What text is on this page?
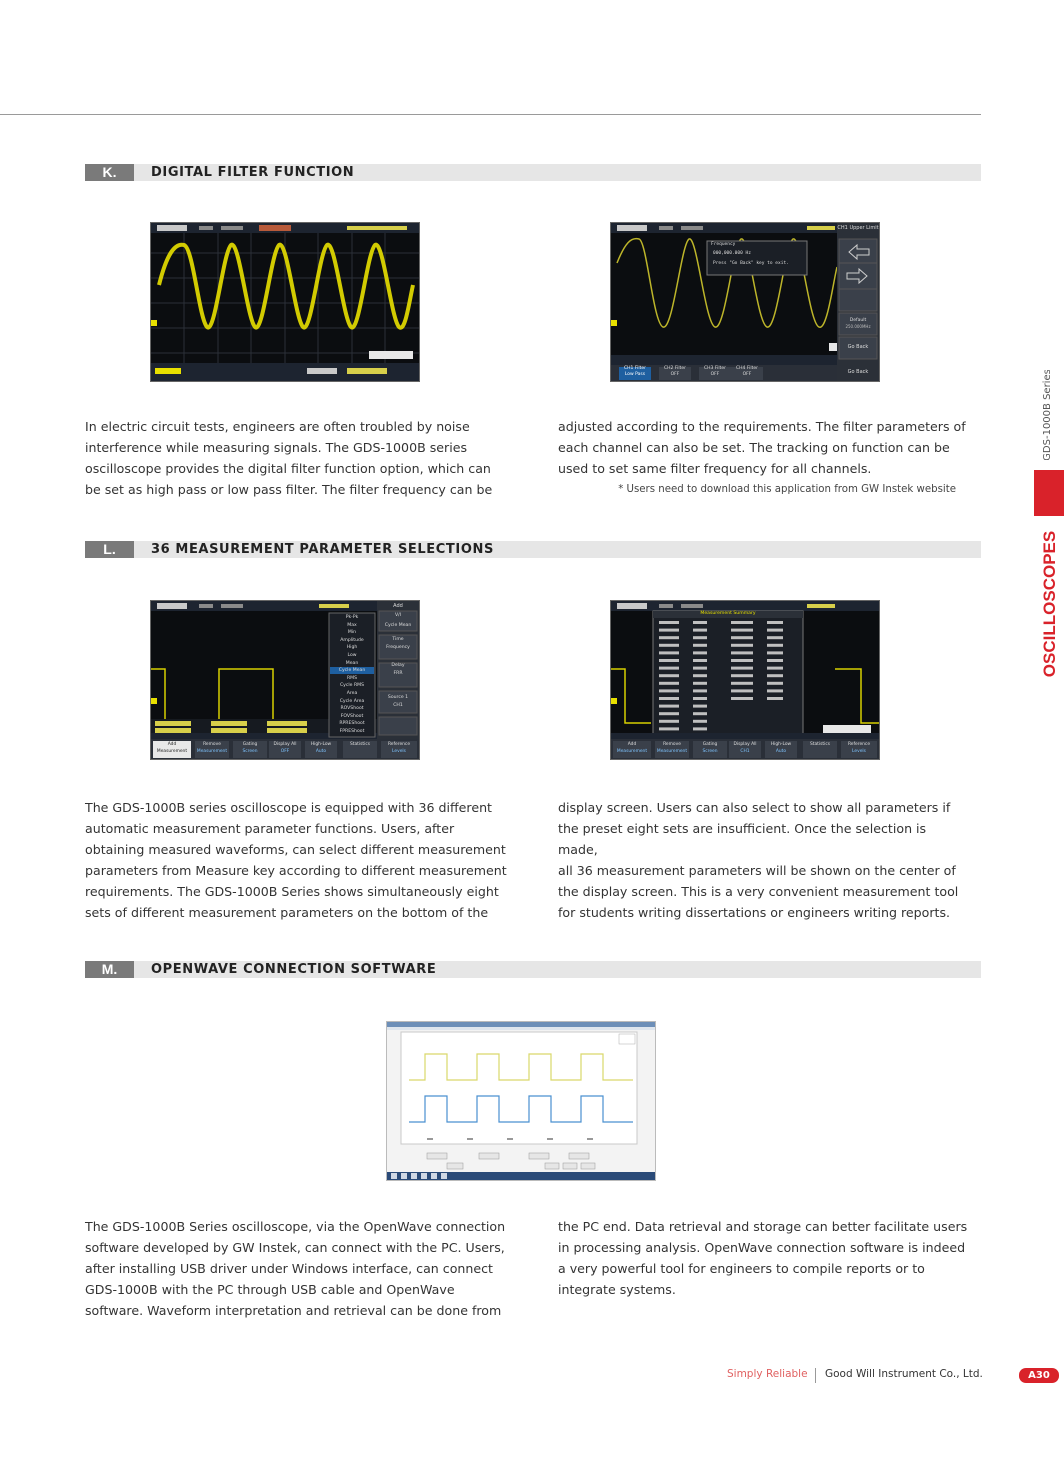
K.	DIGITAL FILTER FUNCTION
CH1 Upper Limit
Frequency
000,000.000 Hz
Press "Go Back" key to exit.
Default
250.000MHz
Go Back
CH1 Filter
Low Pass
CH2 Filter
OFF
CH3 Filter
OFF
CH4 Filter
OFF	Go Back

In electric circuit tests, engineers are often troubled by noise

interference while measuring signals. The GDS-1000B series

oscilloscope provides the digital filter function option, which can

be set as high pass or low pass filter. The filter frequency can be

adjusted according to the requirements. The filter parameters of

each channel can also be set. The tracking on function can be

used to set same filter frequency for all channels.

* Users need to download this application from GW Instek website
L.	36 MEASUREMENT PARAMETER SELECTIONS
Add
Pk-Pk
Max
Min
Amplitude
High
Low
Mean
Cycle Mean
RMS
Cycle RMS
Area
Cycle Area
ROVShoot
FOVShoot
RPREShoot
FPREShoot
V/I
Cycle Mean
Time
Frequency
Delay
FRR
Source 1
CH1
Add
Measurement
Remove
Measurement
Gating
Screen
Display All
OFF
High-Low
Auto
Statistics	Reference
Levels
Measurement Summary
Add
Measurement
Remove
Measurement
Gating
Screen
Display All
CH1
High-Low
Auto
Statistics	Reference
Levels

The GDS-1000B series oscilloscope is equipped with 36 different

automatic measurement parameter functions. Users, after

obtaining measured waveforms, can select different measurement

parameters from Measure key according to different measurement

requirements. The GDS-1000B Series shows simultaneously eight

sets of different measurement parameters on the bottom of the

display screen. Users can also select to show all parameters if

the preset eight sets are insufficient. Once the selection is made,

all 36 measurement parameters will be shown on the center of

the display screen. This is a very convenient measurement tool

for students writing dissertations or engineers writing reports.

M.	OPENWAVE CONNECTION SOFTWARE

The GDS-1000B Series oscilloscope, via the OpenWave connection

software developed by GW Instek, can connect with the PC. Users,

after installing USB driver under Windows interface, can connect

GDS-1000B with the PC through USB cable and OpenWave

software. Waveform interpretation and retrieval can be done from

the PC end. Data retrieval and storage can better facilitate users

in processing analysis. OpenWave connection software is indeed

a very powerful tool for engineers to compile reports or to

integrate systems.

GDS-1000B Series
OSCILLOSCOPES
Simply Reliable Good Will Instrument Co., Ltd.	A30
